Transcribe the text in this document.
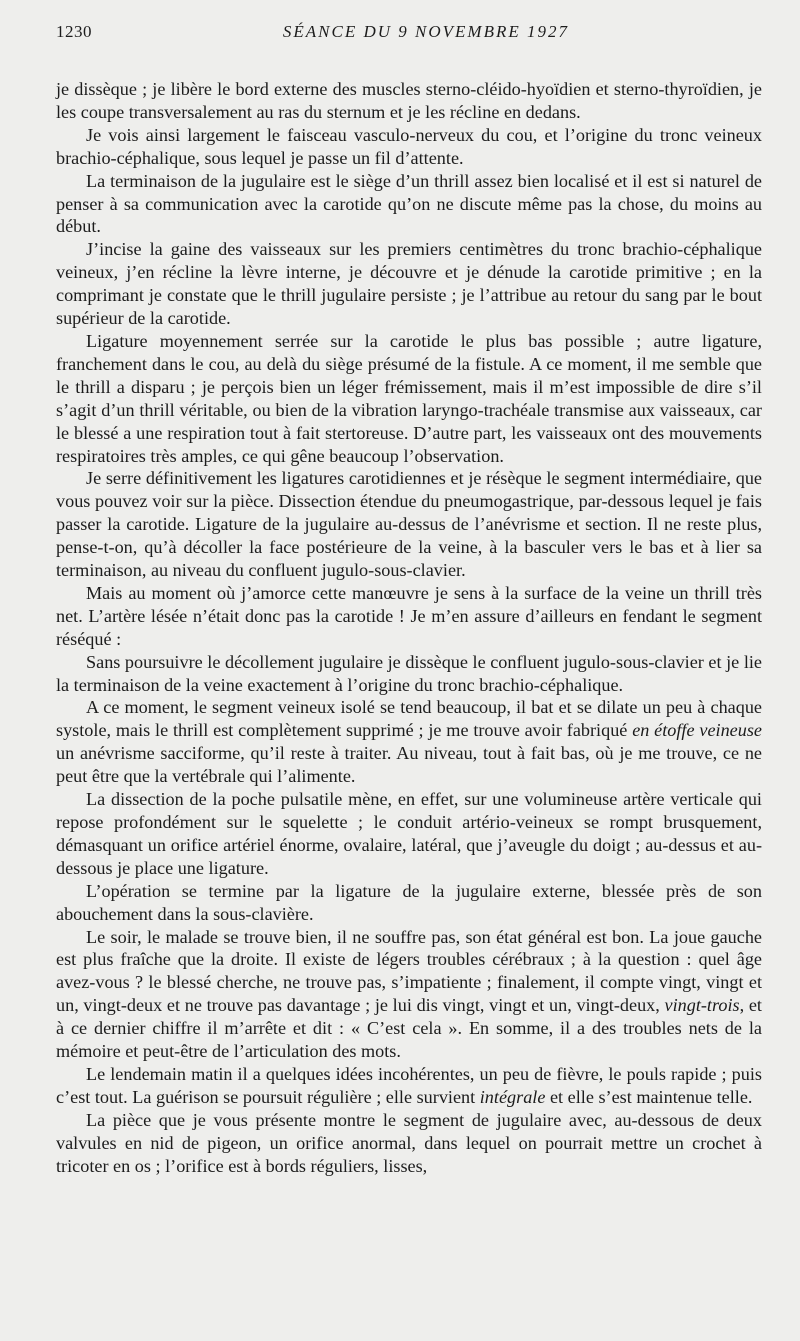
1230	SÉANCE DU 9 NOVEMBRE 1927

je dissèque ; je libère le bord externe des muscles sterno-cléido-hyoïdien et sterno-thyroïdien, je les coupe transversalement au ras du sternum et je les récline en dedans.

Je vois ainsi largement le faisceau vasculo-nerveux du cou, et l’origine du tronc veineux brachio-céphalique, sous lequel je passe un fil d’attente.

La terminaison de la jugulaire est le siège d’un thrill assez bien localisé et il est si naturel de penser à sa communication avec la carotide qu’on ne discute même pas la chose, du moins au début.

J’incise la gaine des vaisseaux sur les premiers centimètres du tronc brachio-céphalique veineux, j’en récline la lèvre interne, je découvre et je dénude la carotide primitive ; en la comprimant je constate que le thrill jugulaire persiste ; je l’attribue au retour du sang par le bout supérieur de la carotide.

Ligature moyennement serrée sur la carotide le plus bas possible ; autre ligature, franchement dans le cou, au delà du siège présumé de la fistule. A ce moment, il me semble que le thrill a disparu ; je perçois bien un léger frémissement, mais il m’est impossible de dire s’il s’agit d’un thrill véritable, ou bien de la vibration laryngo-trachéale transmise aux vaisseaux, car le blessé a une respiration tout à fait stertoreuse. D’autre part, les vaisseaux ont des mouvements respiratoires très amples, ce qui gêne beaucoup l’observation.

Je serre définitivement les ligatures carotidiennes et je résèque le segment intermédiaire, que vous pouvez voir sur la pièce. Dissection étendue du pneumogastrique, par-dessous lequel je fais passer la carotide. Ligature de la jugulaire au-dessus de l’anévrisme et section. Il ne reste plus, pense-t-on, qu’à décoller la face postérieure de la veine, à la basculer vers le bas et à lier sa terminaison, au niveau du confluent jugulo-sous-clavier.

Mais au moment où j’amorce cette manœuvre je sens à la surface de la veine un thrill très net. L’artère lésée n’était donc pas la carotide ! Je m’en assure d’ailleurs en fendant le segment réséqué :

Sans poursuivre le décollement jugulaire je dissèque le confluent jugulo-sous-clavier et je lie la terminaison de la veine exactement à l’origine du tronc brachio-céphalique.

A ce moment, le segment veineux isolé se tend beaucoup, il bat et se dilate un peu à chaque systole, mais le thrill est complètement supprimé ; je me trouve avoir fabriqué en étoffe veineuse un anévrisme sacciforme, qu’il reste à traiter. Au niveau, tout à fait bas, où je me trouve, ce ne peut être que la vertébrale qui l’alimente.

La dissection de la poche pulsatile mène, en effet, sur une volumineuse artère verticale qui repose profondément sur le squelette ; le conduit artério-veineux se rompt brusquement, démasquant un orifice artériel énorme, ovalaire, latéral, que j’aveugle du doigt ; au-dessus et au-dessous je place une ligature.

L’opération se termine par la ligature de la jugulaire externe, blessée près de son abouchement dans la sous-clavière.

Le soir, le malade se trouve bien, il ne souffre pas, son état général est bon. La joue gauche est plus fraîche que la droite. Il existe de légers troubles cérébraux ; à la question : quel âge avez-vous ? le blessé cherche, ne trouve pas, s’impatiente ; finalement, il compte vingt, vingt et un, vingt-deux et ne trouve pas davantage ; je lui dis vingt, vingt et un, vingt-deux, vingt-trois, et à ce dernier chiffre il m’arrête et dit : « C’est cela ». En somme, il a des troubles nets de la mémoire et peut-être de l’articulation des mots.

Le lendemain matin il a quelques idées incohérentes, un peu de fièvre, le pouls rapide ; puis c’est tout. La guérison se poursuit régulière ; elle survient intégrale et elle s’est maintenue telle.

La pièce que je vous présente montre le segment de jugulaire avec, au-dessous de deux valvules en nid de pigeon, un orifice anormal, dans lequel on pourrait mettre un crochet à tricoter en os ; l’orifice est à bords réguliers, lisses,
